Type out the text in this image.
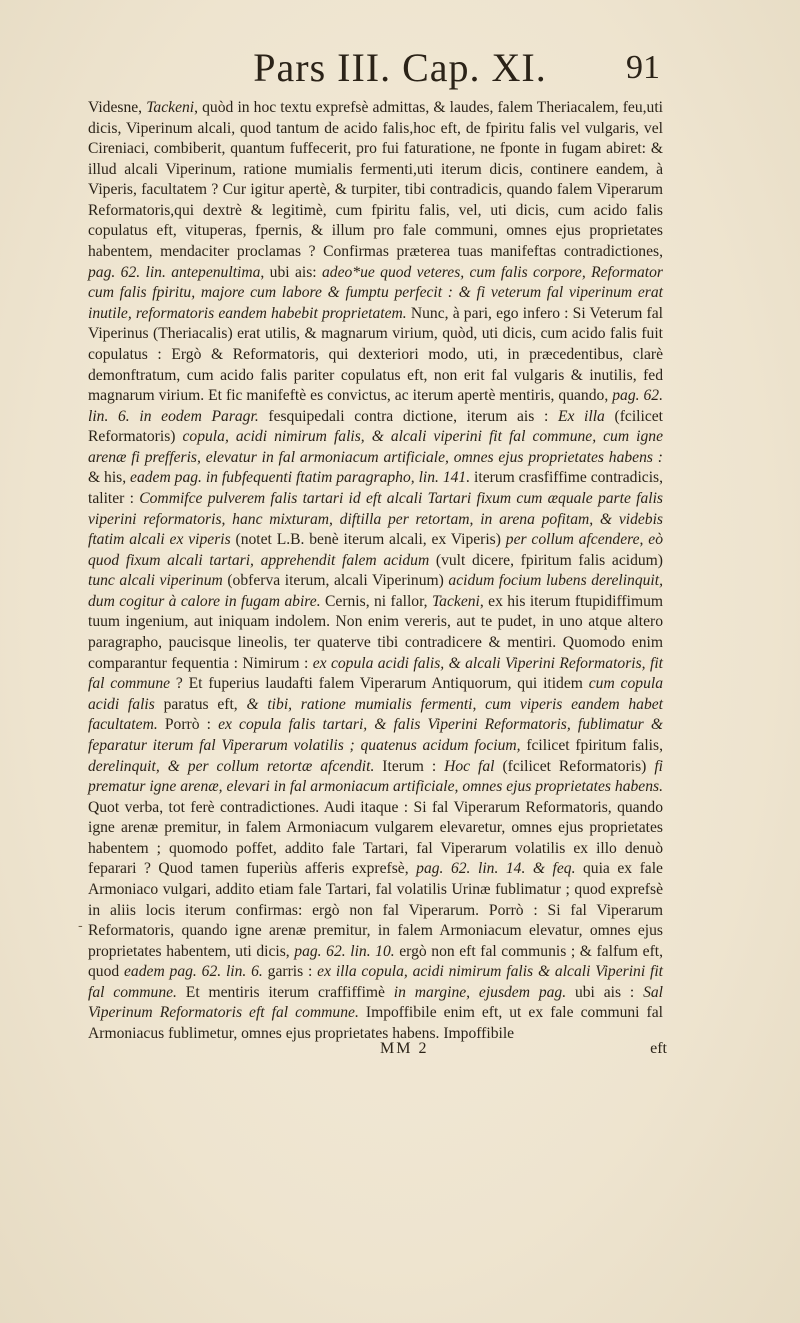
Pars III. Cap. XI.	91
Videsne, Tackeni, quòd in hoc textu exprefsè admittas, & laudes, falem Theriacalem, feu,uti dicis, Viperinum alcali, quod tantum de acido falis,hoc eft, de fpiritu falis vel vulgaris, vel Cireniaci, combiberit, quantum fuffecerit, pro fui faturatione, ne fponte in fugam abiret: & illud alcali Viperinum, ratione mumialis fermenti,uti iterum dicis, continere eandem, à Viperis, facultatem ? Cur igitur apertè, & turpiter, tibi contradicis, quando falem Viperarum Reformatoris,qui dextrè & legitimè, cum fpiritu falis, vel, uti dicis, cum acido falis copulatus eft, vituperas, fpernis, & illum pro fale communi, omnes ejus proprietates habentem, mendaciter proclamas ? Confirmas præterea tuas manifeftas contradictiones, pag. 62. lin. antepenultima, ubi ais: adeo*ue quod veteres, cum falis corpore, Reformator cum falis fpiritu, majore cum labore & fumptu perfecit : & fi veterum fal viperinum erat inutile, reformatoris eandem habebit proprietatem. Nunc, à pari, ego infero : Si Veterum fal Viperinus (Theriacalis) erat utilis, & magnarum virium, quòd, uti dicis, cum acido falis fuit copulatus : Ergò & Reformatoris, qui dexteriori modo, uti, in præcedentibus, clarè demonftratum, cum acido falis pariter copulatus eft, non erit fal vulgaris & inutilis, fed magnarum virium. Et fic manifeftè es convictus, ac iterum apertè mentiris, quando, pag. 62. lin. 6. in eodem Paragr. fesquipedali contra dictione, iterum ais : Ex illa (fcilicet Reformatoris) copula, acidi nimirum falis, & alcali viperini fit fal commune, cum igne arenæ fi prefferis, elevatur in fal armoniacum artificiale, omnes ejus proprietates habens : & his, eadem pag. in fubfequenti ftatim paragrapho, lin. 141. iterum crasfiffime contradicis, taliter : Commifce pulverem falis tartari id eft alcali Tartari fixum cum æquale parte falis viperini reformatoris, hanc mixturam, diftilla per retortam, in arena pofitam, & videbis ftatim alcali ex viperis (notet L.B. benè iterum alcali, ex Viperis) per collum afcendere, eò quod fixum alcali tartari, apprehendit falem acidum (vult dicere, fpiritum falis acidum) tunc alcali viperinum (obferva iterum, alcali Viperinum) acidum focium lubens derelinquit, dum cogitur à calore in fugam abire. Cernis, ni fallor, Tackeni, ex his iterum ftupidiffimum tuum ingenium, aut iniquam indolem. Non enim vereris, aut te pudet, in uno atque altero paragrapho, paucisque lineolis, ter quaterve tibi contradicere & mentiri. Quomodo enim comparantur fequentia : Nimirum : ex copula acidi falis, & alcali Viperini Reformatoris, fit fal commune ? Et fuperius laudafti falem Viperarum Antiquorum, qui itidem cum copula acidi falis paratus eft, & tibi, ratione mumialis fermenti, cum viperis eandem habet facultatem. Porrò : ex copula falis tartari, & falis Viperini Reformatoris, fublimatur & feparatur iterum fal Viperarum volatilis ; quatenus acidum focium, fcilicet fpiritum falis, derelinquit, & per collum retortæ afcendit. Iterum : Hoc fal (fcilicet Reformatoris) fi prematur igne arenæ, elevari in fal armoniacum artificiale, omnes ejus proprietates habens. Quot verba, tot ferè contradictiones. Audi itaque : Si fal Viperarum Reformatoris, quando igne arenæ premitur, in falem Armoniacum vulgarem elevaretur, omnes ejus proprietates habentem ; quomodo poffet, addito fale Tartari, fal Viperarum volatilis ex illo denuò feparari ? Quod tamen fuperiùs afferis exprefsè, pag. 62. lin. 14. & feq. quia ex fale Armoniaco vulgari, addito etiam fale Tartari, fal volatilis Urinæ fublimatur ; quod exprefsè in aliis locis iterum confirmas: ergò non fal Viperarum. Porrò : Si fal Viperarum Reformatoris, quando igne arenæ premitur, in falem Armoniacum elevatur, omnes ejus proprietates habentem, uti dicis, pag. 62. lin. 10. ergò non eft fal communis ; & falfum eft, quod eadem pag. 62. lin. 6. garris : ex illa copula, acidi nimirum falis & alcali Viperini fit fal commune. Et mentiris iterum craffiffimè in margine, ejusdem pag. ubi ais : Sal Viperinum Reformatoris eft fal commune. Impoffibile enim eft, ut ex fale communi fal Armoniacus fublimetur, omnes ejus proprietates habens. Impoffibile
-
MM 2	eft
